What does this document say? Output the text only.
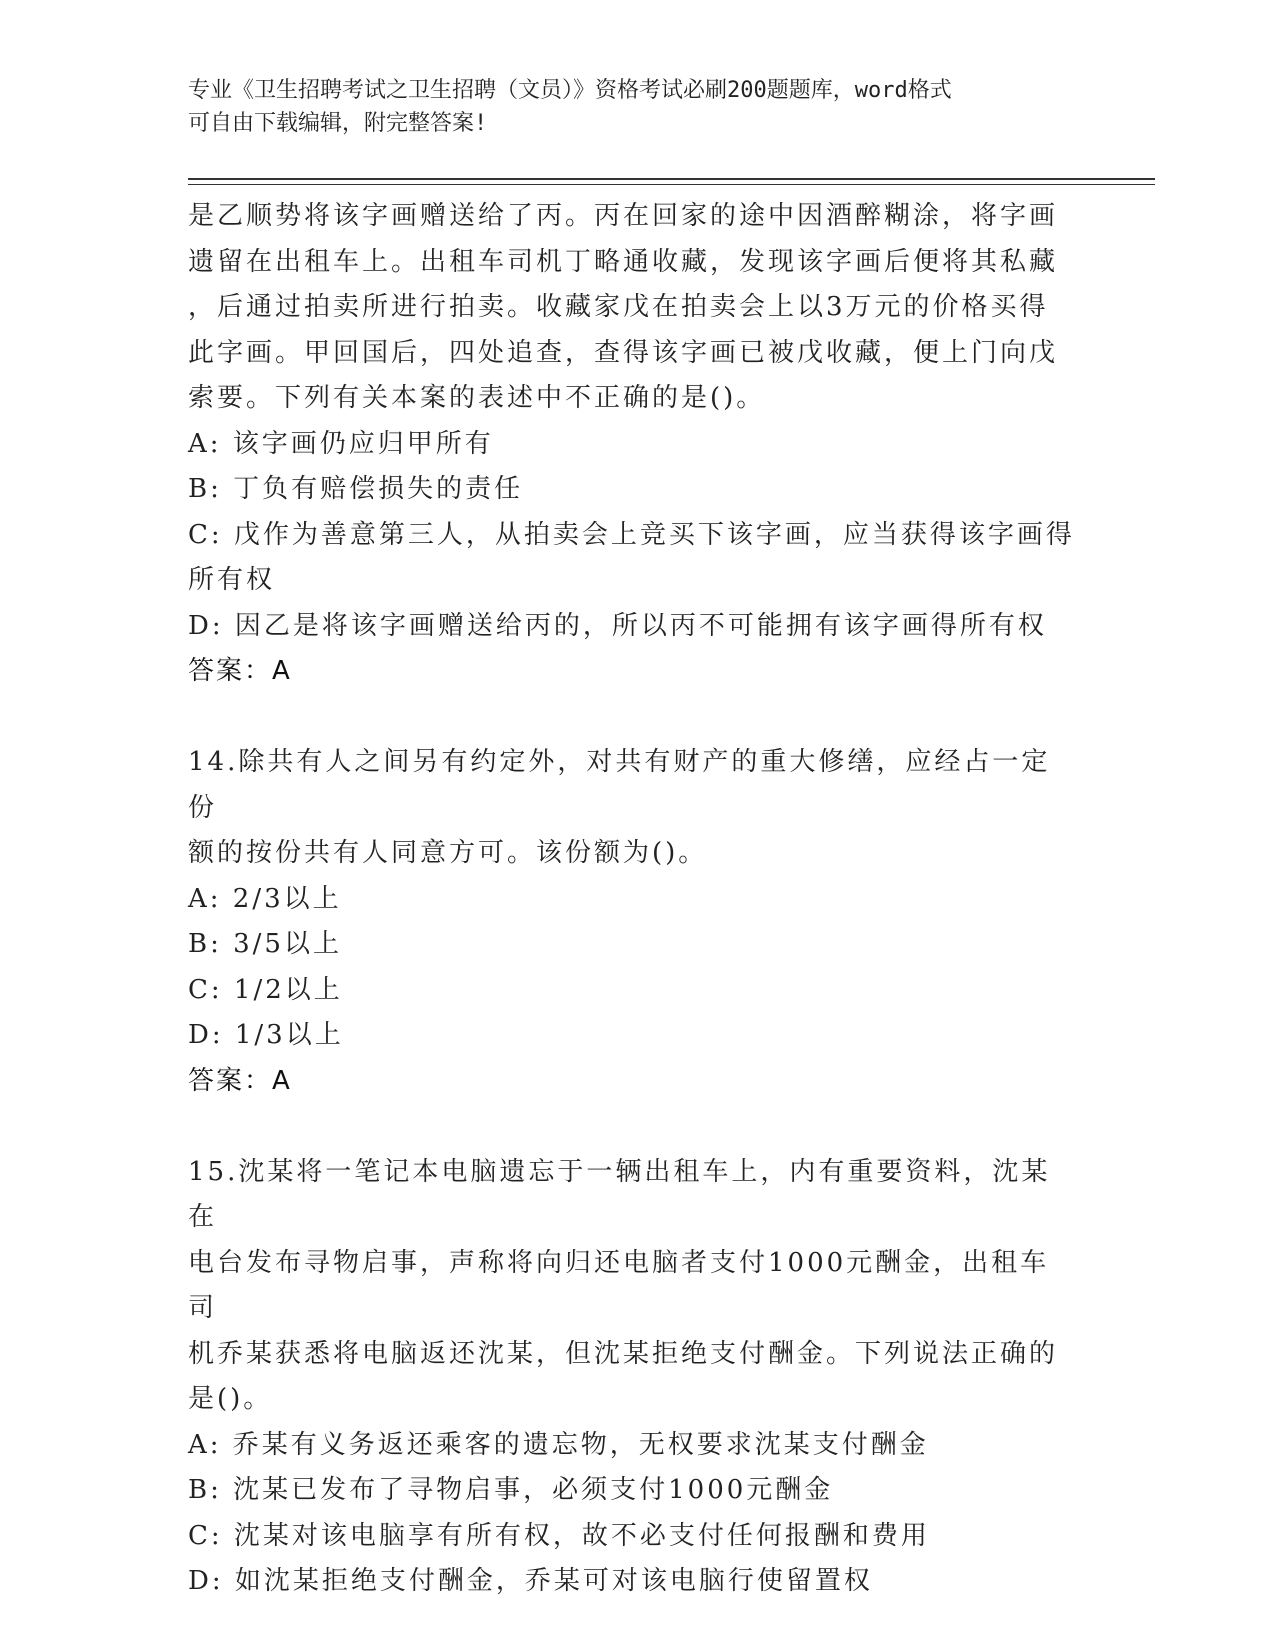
专业《卫生招聘考试之卫生招聘（文员）》资格考试必刷200题题库，word格式
可自由下载编辑，附完整答案!

是乙顺势将该字画赠送给了丙。丙在回家的途中因酒醉糊涂，将字画

遗留在出租车上。出租车司机丁略通收藏，发现该字画后便将其私藏

，后通过拍卖所进行拍卖。收藏家戊在拍卖会上以3万元的价格买得

此字画。甲回国后，四处追查，查得该字画已被戊收藏，便上门向戊

索要。下列有关本案的表述中不正确的是()。

A: 该字画仍应归甲所有

B: 丁负有赔偿损失的责任

C: 戊作为善意第三人，从拍卖会上竞买下该字画，应当获得该字画得

所有权

D: 因乙是将该字画赠送给丙的，所以丙不可能拥有该字画得所有权

答案：A

14.除共有人之间另有约定外，对共有财产的重大修缮，应经占一定份

额的按份共有人同意方可。该份额为()。

A: 2/3以上

B: 3/5以上

C: 1/2以上

D: 1/3以上

答案：A

15.沈某将一笔记本电脑遗忘于一辆出租车上，内有重要资料，沈某在

电台发布寻物启事，声称将向归还电脑者支付1000元酬金，出租车司

机乔某获悉将电脑返还沈某，但沈某拒绝支付酬金。下列说法正确的

是()。

A: 乔某有义务返还乘客的遗忘物，无权要求沈某支付酬金

B: 沈某已发布了寻物启事，必须支付1000元酬金

C: 沈某对该电脑享有所有权，故不必支付任何报酬和费用

D: 如沈某拒绝支付酬金，乔某可对该电脑行使留置权
